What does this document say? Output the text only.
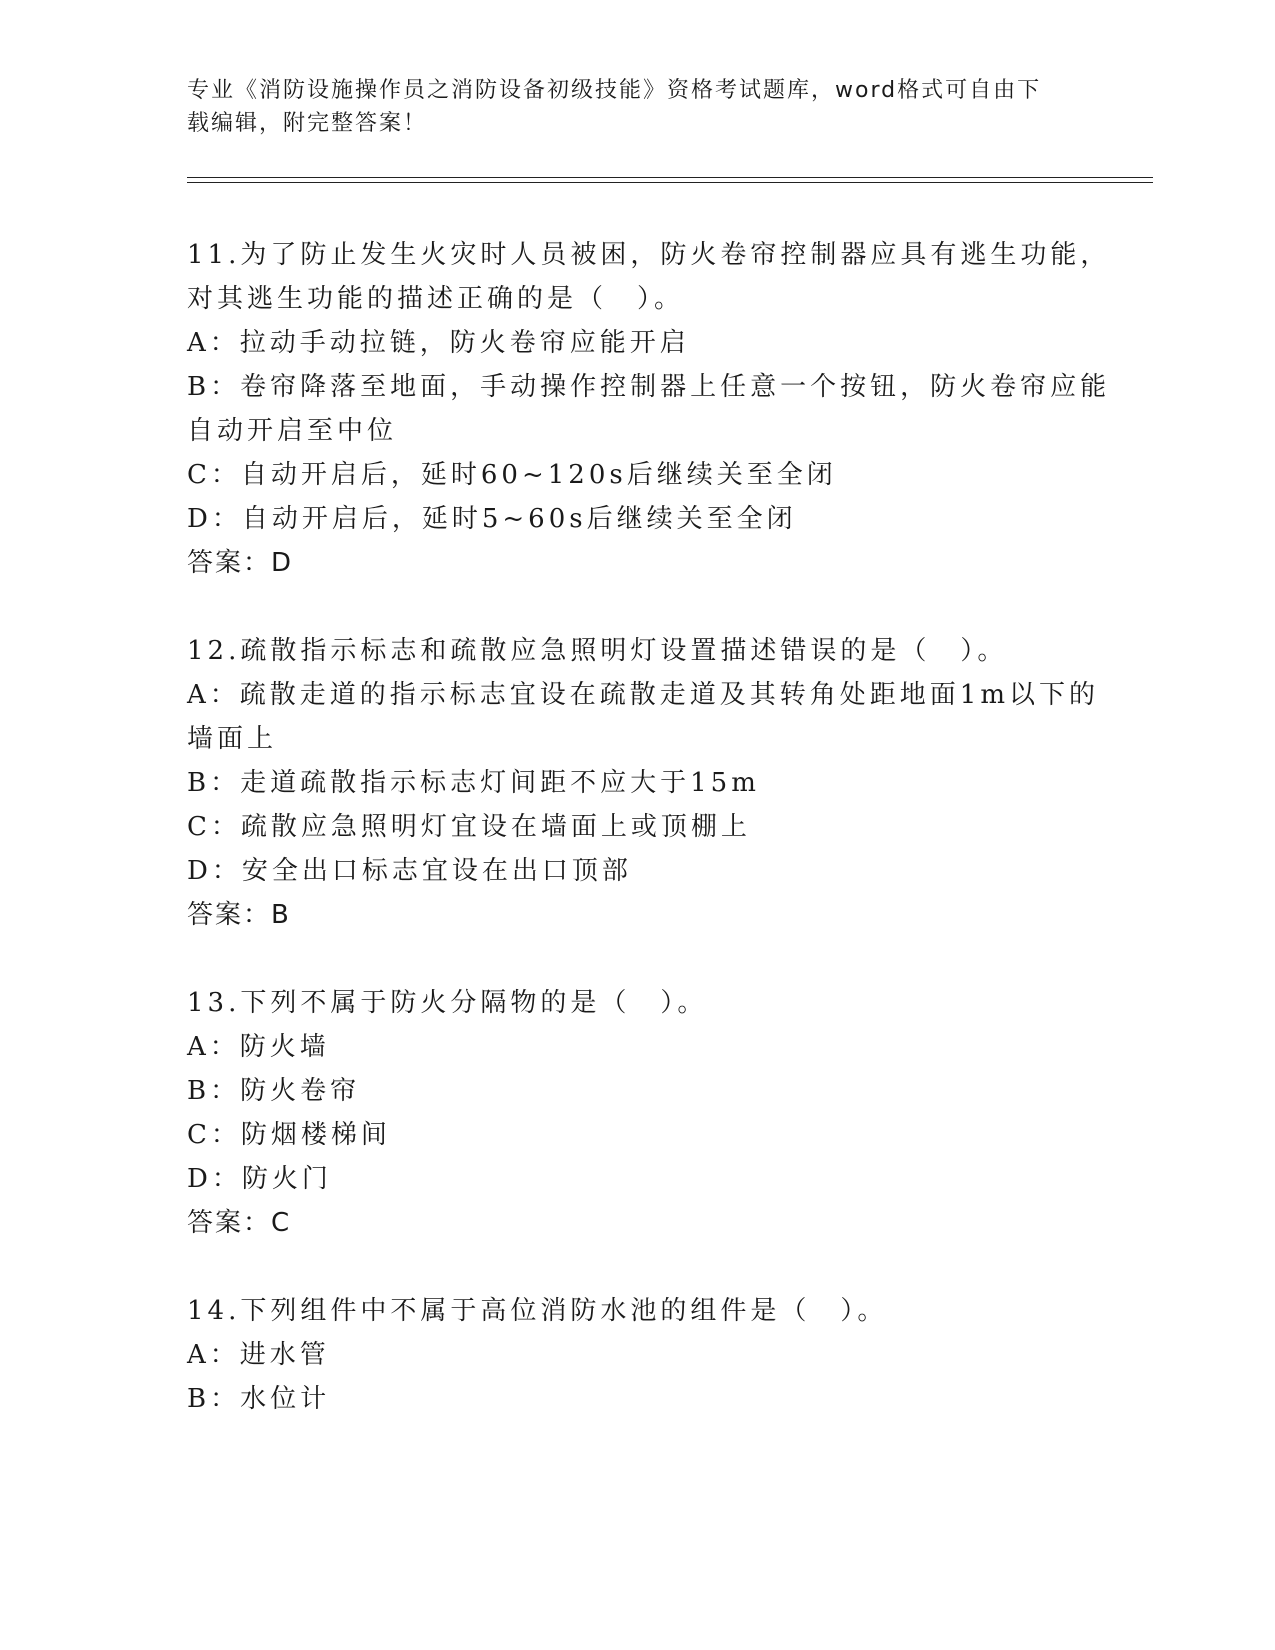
专业《消防设施操作员之消防设备初级技能》资格考试题库，word格式可自由下
载编辑，附完整答案！
11.为了防止发生火灾时人员被困，防火卷帘控制器应具有逃生功能，
对其逃生功能的描述正确的是（　）。
A：拉动手动拉链，防火卷帘应能开启
B：卷帘降落至地面，手动操作控制器上任意一个按钮，防火卷帘应能
自动开启至中位
C：自动开启后，延时60~120s后继续关至全闭
D：自动开启后，延时5~60s后继续关至全闭
答案：D
12.疏散指示标志和疏散应急照明灯设置描述错误的是（　）。
A：疏散走道的指示标志宜设在疏散走道及其转角处距地面1m以下的
墙面上
B：走道疏散指示标志灯间距不应大于15m
C：疏散应急照明灯宜设在墙面上或顶棚上
D：安全出口标志宜设在出口顶部
答案：B
13.下列不属于防火分隔物的是（　）。
A：防火墙
B：防火卷帘
C：防烟楼梯间
D：防火门
答案：C
14.下列组件中不属于高位消防水池的组件是（　）。
A：进水管
B：水位计
